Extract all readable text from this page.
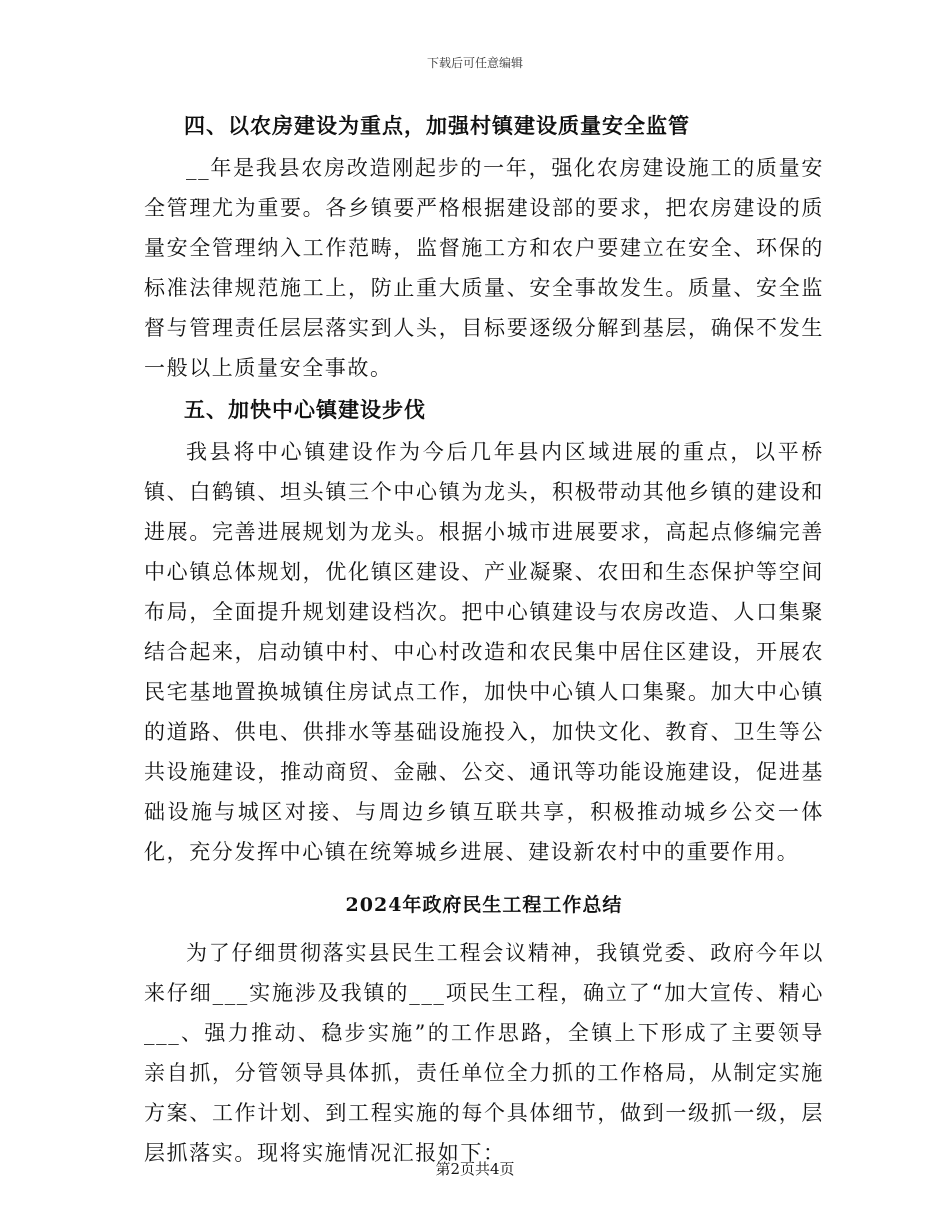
下载后可任意编辑
四、以农房建设为重点，加强村镇建设质量安全监管

__年是我县农房改造刚起步的一年，强化农房建设施工的质量安全管理尤为重要。各乡镇要严格根据建设部的要求，把农房建设的质量安全管理纳入工作范畴，监督施工方和农户要建立在安全、环保的标准法律规范施工上，防止重大质量、安全事故发生。质量、安全监督与管理责任层层落实到人头，目标要逐级分解到基层，确保不发生一般以上质量安全事故。

五、加快中心镇建设步伐

我县将中心镇建设作为今后几年县内区域进展的重点，以平桥镇、白鹤镇、坦头镇三个中心镇为龙头，积极带动其他乡镇的建设和进展。完善进展规划为龙头。根据小城市进展要求，高起点修编完善中心镇总体规划，优化镇区建设、产业凝聚、农田和生态保护等空间布局，全面提升规划建设档次。把中心镇建设与农房改造、人口集聚结合起来，启动镇中村、中心村改造和农民集中居住区建设，开展农民宅基地置换城镇住房试点工作，加快中心镇人口集聚。加大中心镇的道路、供电、供排水等基础设施投入，加快文化、教育、卫生等公共设施建设，推动商贸、金融、公交、通讯等功能设施建设，促进基础设施与城区对接、与周边乡镇互联共享，积极推动城乡公交一体化，充分发挥中心镇在统筹城乡进展、建设新农村中的重要作用。

2024年政府民生工程工作总结

为了仔细贯彻落实县民生工程会议精神，我镇党委、政府今年以来仔细___实施涉及我镇的___项民生工程，确立了“加大宣传、精心___、强力推动、稳步实施”的工作思路，全镇上下形成了主要领导亲自抓，分管领导具体抓，责任单位全力抓的工作格局，从制定实施方案、工作计划、到工程实施的每个具体细节，做到一级抓一级，层层抓落实。现将实施情况汇报如下：

第2页共4页
